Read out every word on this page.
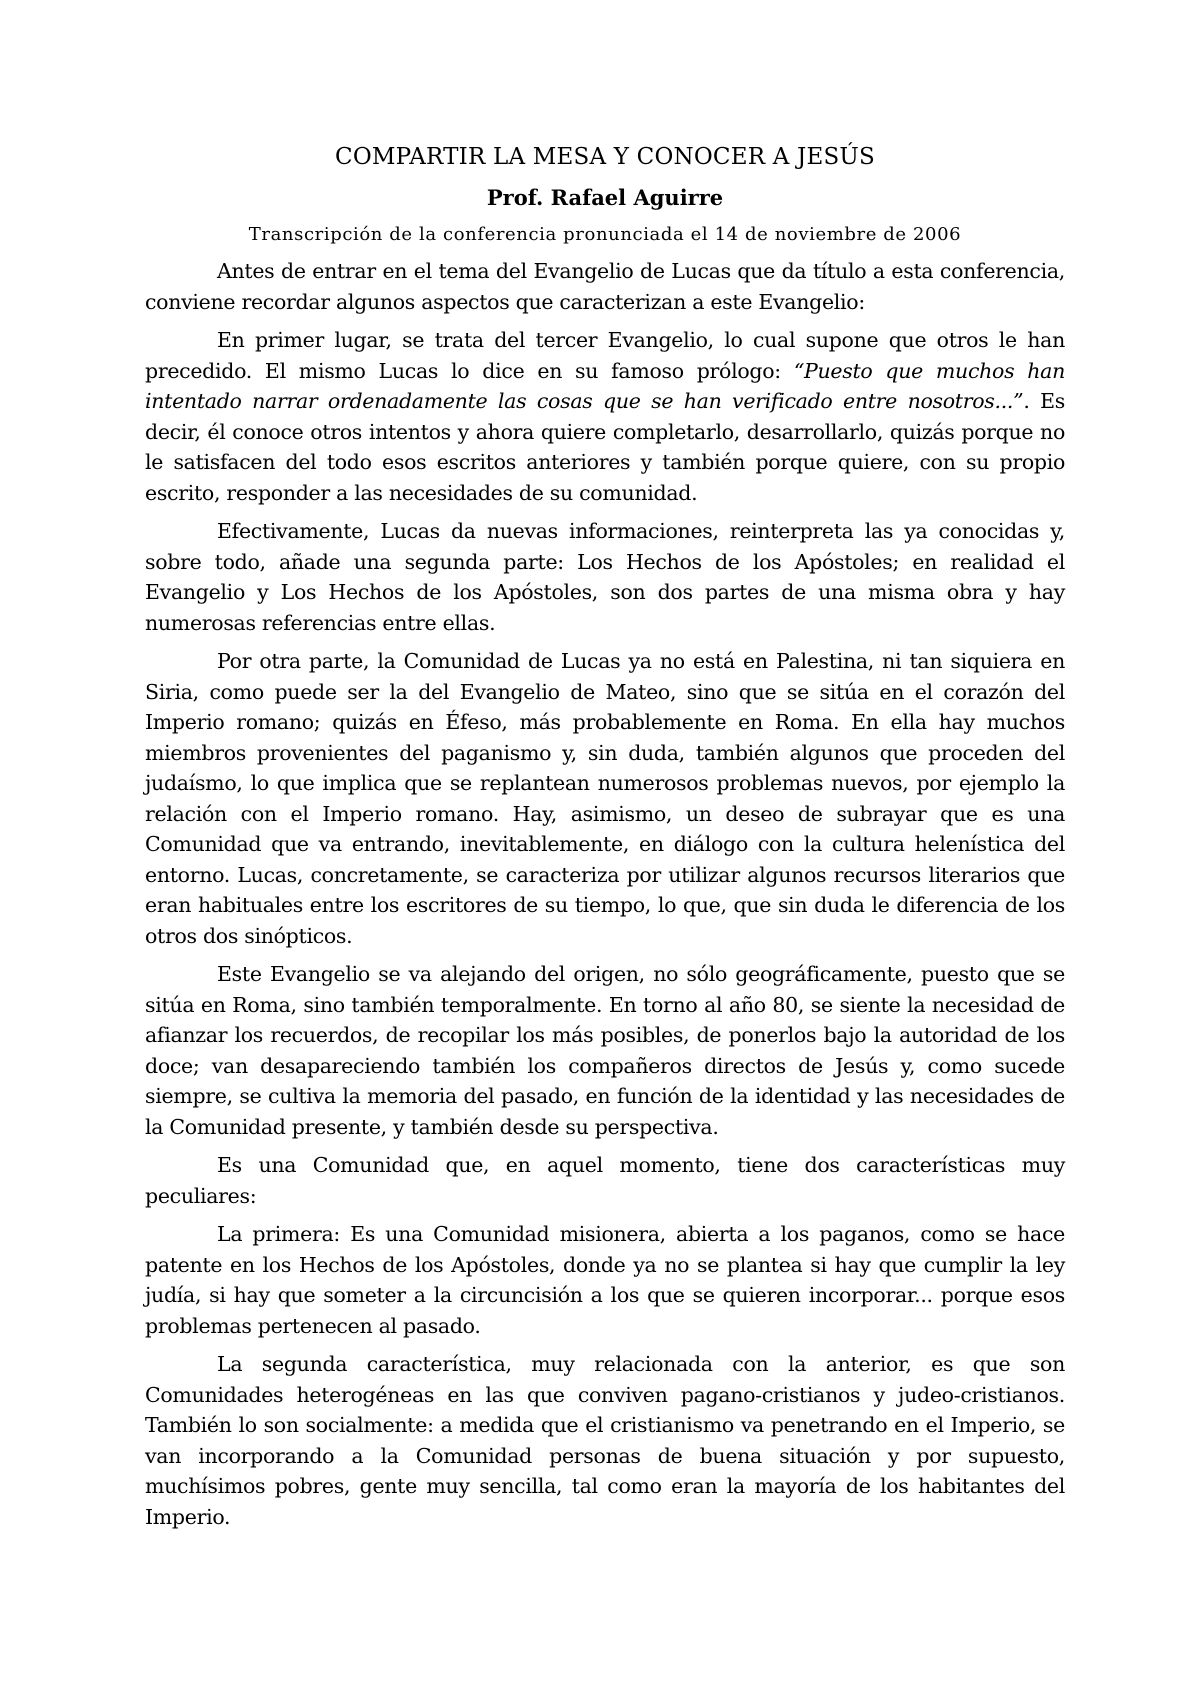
COMPARTIR LA MESA Y CONOCER A JESÚS
Prof. Rafael Aguirre
Transcripción de la conferencia pronunciada el 14 de noviembre de 2006

Antes de entrar en el tema del Evangelio de Lucas que da título a esta conferencia, conviene recordar algunos aspectos que caracterizan a este Evangelio:

En primer lugar, se trata del tercer Evangelio, lo cual supone que otros le han precedido. El mismo Lucas lo dice en su famoso prólogo: “Puesto que muchos han intentado narrar ordenadamente las cosas que se han verificado entre nosotros...”. Es decir, él conoce otros intentos y ahora quiere completarlo, desarrollarlo, quizás porque no le satisfacen del todo esos escritos anteriores y también porque quiere, con su propio escrito, responder a las necesidades de su comunidad.

Efectivamente, Lucas da nuevas informaciones, reinterpreta las ya conocidas y, sobre todo, añade una segunda parte: Los Hechos de los Apóstoles; en realidad el Evangelio y Los Hechos de los Apóstoles, son dos partes de una misma obra y hay numerosas referencias entre ellas.

Por otra parte, la Comunidad de Lucas ya no está en Palestina, ni tan siquiera en Siria, como puede ser la del Evangelio de Mateo, sino que se sitúa en el corazón del Imperio romano; quizás en Éfeso, más probablemente en Roma. En ella hay muchos miembros provenientes del paganismo y, sin duda, también algunos que proceden del judaísmo, lo que implica que se replantean numerosos problemas nuevos, por ejemplo la relación con el Imperio romano. Hay, asimismo, un deseo de subrayar que es una Comunidad que va entrando, inevitablemente, en diálogo con la cultura helenística del entorno. Lucas, concretamente, se caracteriza por utilizar algunos recursos literarios que eran habituales entre los escritores de su tiempo, lo que, que sin duda le diferencia de los otros dos sinópticos.

Este Evangelio se va alejando del origen, no sólo geográficamente, puesto que se sitúa en Roma, sino también temporalmente. En torno al año 80, se siente la necesidad de afianzar los recuerdos, de recopilar los más posibles, de ponerlos bajo la autoridad de los doce; van desapareciendo también los compañeros directos de Jesús y, como sucede siempre, se cultiva la memoria del pasado, en función de la identidad y las necesidades de la Comunidad presente, y también desde su perspectiva.

Es una Comunidad que, en aquel momento, tiene dos características muy peculiares:

La primera: Es una Comunidad misionera, abierta a los paganos, como se hace patente en los Hechos de los Apóstoles, donde ya no se plantea si hay que cumplir la ley judía, si hay que someter a la circuncisión a los que se quieren incorporar... porque esos problemas pertenecen al pasado.

La segunda característica, muy relacionada con la anterior, es que son Comunidades heterogéneas en las que conviven pagano-cristianos y judeo-cristianos. También lo son socialmente: a medida que el cristianismo va penetrando en el Imperio, se van incorporando a la Comunidad personas de buena situación y por supuesto, muchísimos pobres, gente muy sencilla, tal como eran la mayoría de los habitantes del Imperio.
